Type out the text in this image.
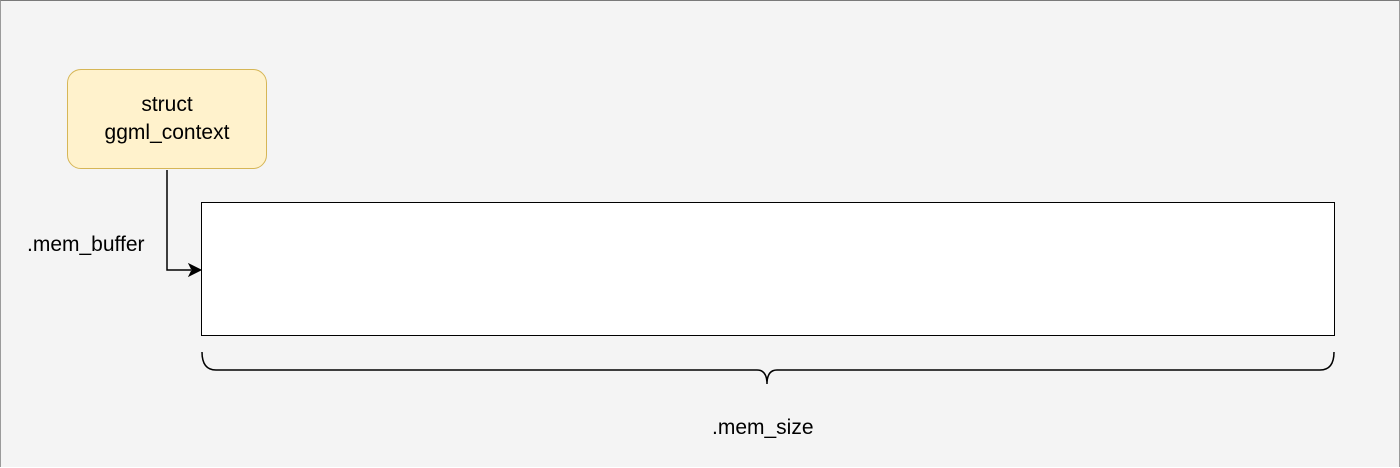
struct
ggml_context
.mem_buffer
.mem_size
